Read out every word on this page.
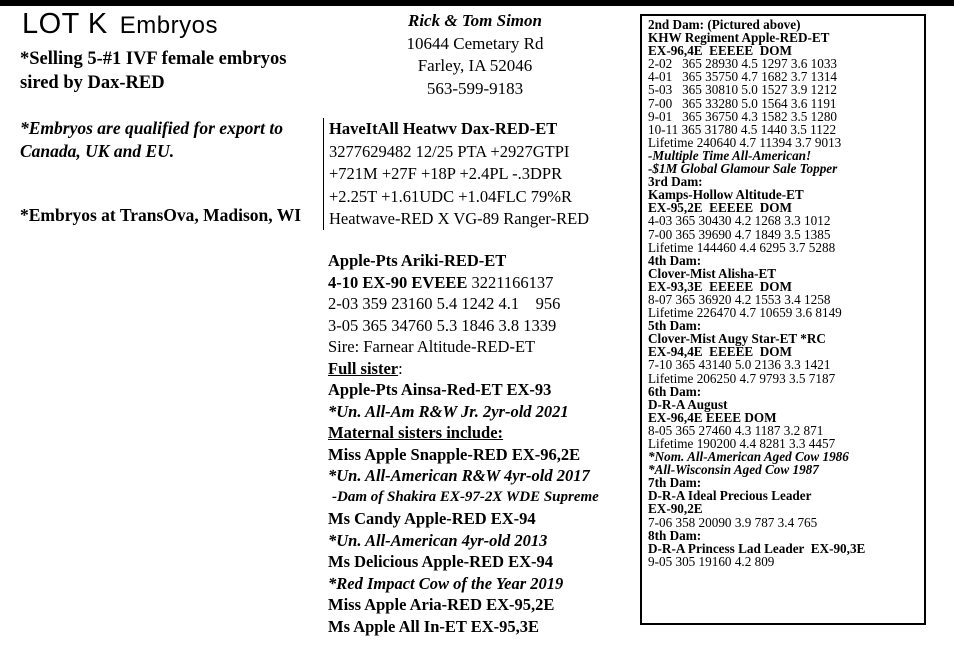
LOT K Embryos
*Selling 5-#1 IVF female embryos sired by Dax-RED
*Embryos are qualified for export to Canada, UK and EU.
*Embryos at TransOva, Madison, WI
Rick & Tom Simon
10644 Cemetary Rd
Farley, IA 52046
563-599-9183
HaveItAll Heatwv Dax-RED-ET
3277629482 12/25 PTA +2927GTPI
+721M +27F +18P +2.4PL -.3DPR
+2.25T +1.61UDC +1.04FLC 79%R
Heatwave-RED X VG-89 Ranger-RED
Apple-Pts Ariki-RED-ET
4-10 EX-90 EVEEE 3221166137
2-03 359 23160 5.4 1242 4.1    956
3-05 365 34760 5.3 1846 3.8 1339
Sire: Farnear Altitude-RED-ET
Full sister:
Apple-Pts Ainsa-Red-ET EX-93
*Un. All-Am R&W Jr. 2yr-old 2021
Maternal sisters include:
Miss Apple Snapple-RED EX-96,2E
*Un. All-American R&W 4yr-old 2017
-Dam of Shakira EX-97-2X WDE Supreme
Ms Candy Apple-RED EX-94
*Un. All-American 4yr-old 2013
Ms Delicious Apple-RED EX-94
*Red Impact Cow of the Year 2019
Miss Apple Aria-RED EX-95,2E
Ms Apple All In-ET EX-95,3E
2nd Dam: (Pictured above)
KHW Regiment Apple-RED-ET
EX-96,4E  EEEEE  DOM
2-02   365 28930 4.5 1297 3.6 1033
4-01   365 35750 4.7 1682 3.7 1314
5-03   365 30810 5.0 1527 3.9 1212
7-00   365 33280 5.0 1564 3.6 1191
9-01   365 36750 4.3 1582 3.5 1280
10-11 365 31780 4.5 1440 3.5 1122
Lifetime 240640 4.7 11394 3.7 9013
-Multiple Time All-American!
-$1M Global Glamour Sale Topper
3rd Dam:
Kamps-Hollow Altitude-ET
EX-95,2E  EEEEE  DOM
4-03 365 30430 4.2 1268 3.3 1012
7-00 365 39690 4.7 1849 3.5 1385
Lifetime 144460 4.4 6295 3.7 5288
4th Dam:
Clover-Mist Alisha-ET
EX-93,3E  EEEEE  DOM
8-07 365 36920 4.2 1553 3.4 1258
Lifetime 226470 4.7 10659 3.6 8149
5th Dam:
Clover-Mist Augy Star-ET *RC
EX-94,4E  EEEEE  DOM
7-10 365 43140 5.0 2136 3.3 1421
Lifetime 206250 4.7 9793 3.5 7187
6th Dam:
D-R-A August
EX-96,4E EEEE DOM
8-05 365 27460 4.3 1187 3.2 871
Lifetime 190200 4.4 8281 3.3 4457
*Nom. All-American Aged Cow 1986
*All-Wisconsin Aged Cow 1987
7th Dam:
D-R-A Ideal Precious Leader
EX-90,2E
7-06 358 20090 3.9 787 3.4 765
8th Dam:
D-R-A Princess Lad Leader  EX-90,3E
9-05 305 19160 4.2 809
